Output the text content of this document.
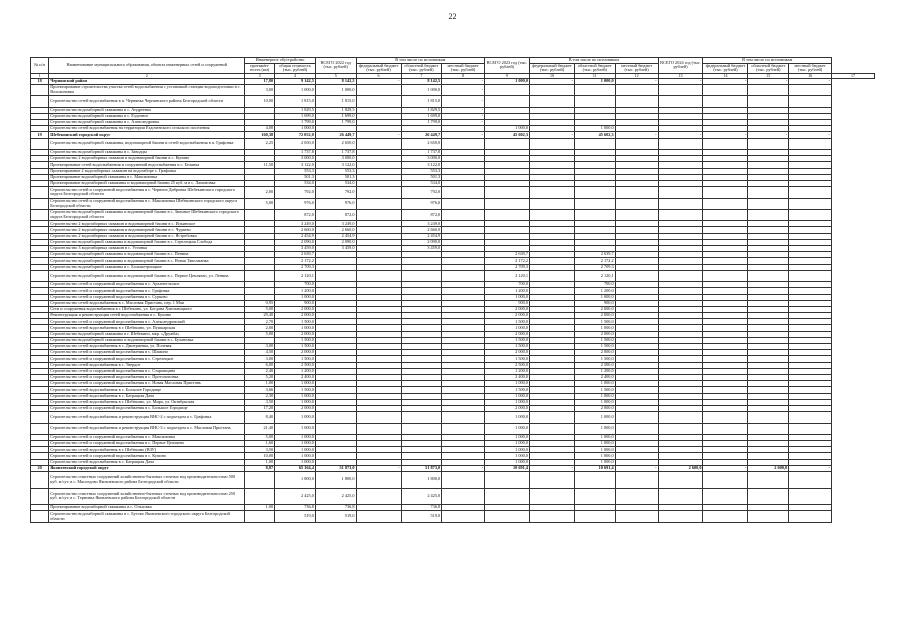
22
№ п/п	Наименование муниципального образования, объекта инженерных сетей и сооружений	Инженерное обустройство		ВСЕГО 2022 год (тыс. рублей)	В том числе по источникам			ВСЕГО 2023 год (тыс. рублей)	В том числе по источникам			ВСЕГО 2024 год (тыс. рублей)	В том числе по источникам			
		протяжён-ность (км)	общая стоимость (тыс. рублей)		федеральный бюджет (тыс. рублей)	областной бюджет (тыс. рублей)	местный бюджет (тыс. рублей)		федеральный бюджет (тыс. рублей)	областной бюджет (тыс. рублей)	местный бюджет (тыс. рублей)		федеральный бюджет (тыс. рублей)	областной бюджет (тыс. рублей)	местный бюджет (тыс. рублей)	

1	2	3	4	5	6	7	8	9	10	11	12	13	14	15	16	17
18	Чернянский район	17,80	9 142,5	8 142,5	-	8 142,5	-	1 000,0	-	1 000,0	-	-	-	-	-	
	Проектирование строительства участка сетей водоснабжения с установкой станции водоподготовки в с. Волоконовка	3,00	1 000,0	1 000,0		1 000,0	-									
	Строительство сетей водоснабжения в п. Чернянка Чернянского района Белгородской области	10,00	1 815,0	1 815,0		1 815,0	-									
	Строительство водозаборной скважины в с. Андреевка		1 829,5	1 829,5		1 829,5	-									
	Строительство водозаборной скважины в с. Ездочное		1 699,0	1 699,0		1 699,0	-									
	Строительство водозаборной скважины в с. Александровка		1 799,0	1 799,0		1 799,0	-									
	Строительство сетей водоснабжения на территории Ездоченского сельского поселения	4,00	1 000,0					1 000,0		1 000,0						
19	Шебекинский городской округ	160,38	72 052,0	26 449,7	-	26 449,7	-	45 602,3	-	45 602,3	-	-	-	-	-	
	Строительство водозаборной скважины, водонапорной башни и сетей водоснабжения в п. Графовка	2,25	2 650,0	2 650,0		2 650,0										
	Строительство водозаборной скважины в с. Заводцы		1 737,8	1 737,8		1 737,8										
	Строительство 2 водозаборных скважин и водонапорной башни в с. Купино		3 000,0	3 000,0		3 000,0										
	Проектирование сетей водоснабжения и сооружений водоснабжения в с. Белянка	11,50	3 122,0	3 122,0		3 122,0										
	Проектирование 2 водозаборных скважин на водозаборе с. Графовка		553,3	553,3		553,3										
	Проектирование водозаборной скважины в с. Максимовка		501,3	501,3		501,3										
	Проектирование водозаборной скважины и водонапорной башни 25 куб. м в с. Ламоновка		534,0	534,0		534,0										
	Строительство сетей и сооружений водоснабжения в с. Червона Дибровка Шебекинского городского округа Белгородской области	2,00	792,0	792,0		792,0										
	Строительство сетей и сооружений водоснабжения в с. Максимовка Шебекинского городского округа Белгородской области	5,00	976,0	976,0		976,0										
	Строительство водозаборной скважины и водонапорной башни в с. Змеиное Шебекинского городского округа Белгородской области		872,0	872,0		872,0										
	Строительство 2 водозаборных скважин и водонапорной башни в с. Ильинское		3 249,0	3 249,0		3 249,0										
	Строительство 2 водозаборных скважин и водонапорной башни в с. Чураево		2 660,0	2 660,0		2 660,0										
	Строительство 2 водозаборных скважин и водонапорной башни в с. Ястребовка		2 454,9	2 454,9		2 454,9										
	Строительство водозаборной скважины и водонапорной башни в с. Стрелецкая Слобода		2 090,0	2 090,0		2 090,0										
	Строительство 3 водозаборных скважин в с. Устинка		3 459,0	3 459,0		3 459,0										
	Строительство водозаборной скважины и водонапорной башни в с. Пенина		2 639,7					2 639,7		2 639,7						
	Строительство водозаборной скважины и водонапорной башни в с. Новая Таволжанка		2 172,2					2 172,2		2 172,2						
	Строительство водозаборной скважины в с. Большетроицкое		2 709,3					2 709,3		2 709,3						
	Строительство водозаборной скважины и водонапорной башни в с. Первое Цепляево, ул. Ленина		2 120,1					2 120,1		2 120,1						
	Строительство сетей и сооружений водоснабжения в с. Архангельское		700,0					700,0		700,0						
	Строительство сетей и сооружений водоснабжения в с. Графовка		1 200,0					1 200,0		1 200,0						
	Строительство сетей и сооружений водоснабжения в с. Сурково		1 000,0					1 000,0		1 000,0						
	Строительство сетей водоснабжения в с. Масловая Пристань, пер. 1 Мая	0,95	900,0					900,0		900,0						
	Сети и сооружения водоснабжения в г. Шебекино, ул. Богдана Хмельницкого	5,00	2 000,0					2 000,0		2 000,0						
	Реконструкция и реконструкция сетей водоснабжения в с. Купино	29,40	2 000,0					2 000,0		2 000,0						
	Строительство сетей и сооружений водоснабжения в с. Александровский	2,70	1 500,0					1 500,0		1 500,0						
	Строительство сетей водоснабжения в г. Шебекино, ул. Пушкарская	2,00	1 000,0					1 000,0		1 000,0						
	Строительство водозаборной скважины в г. Шебекино, мкр. «Дружба»	5,00	2 000,0					2 000,0		2 000,0						
	Строительство водозаборной скважины и водонапорной башни в с. Булановка		1 500,0					1 500,0		1 500,0						
	Строительство сетей водоснабжения в с. Дмитриевка, ул. Полевая	3,00	1 500,0					1 500,0		1 500,0						
	Строительство сетей и сооружений водоснабжения в с. Шамино	4,50	2 000,0					2 000,0		2 000,0						
	Строительство сетей и сооружений водоснабжения в с. Стрелецкое	3,00	1 500,0					1 500,0		1 500,0						
	Строительство сетей водоснабжения в с. Твердое	6,00	2 500,0					2 500,0		2 500,0						
	Строительство сетей и сооружений водоснабжения в с. Старовщина	2,40	1 200,0					1 200,0		1 200,0						
	Строительство сетей и сооружений водоснабжения в с. Протопоповка	5,20	2 400,0					2 400,0		2 400,0						
	Строительство сетей и сооружений водоснабжения в с. Новая Масловая Пристань	1,00	1 000,0					1 000,0		1 000,0						
	Строительство сетей водоснабжения в с. Большое Городище	3,66	1 500,0					1 500,0		1 500,0						
	Строительство сетей водоснабжения в с. Батрацкая Дача	2,30	1 000,0					1 000,0		1 000,0						
	Строительство сетей водоснабжения в г. Шебекино, ул. Мира, ул. Октябрьская	3,50	1 000,0					1 000,0		1 000,0						
	Строительство сетей и сооружений водоснабжения в с. Большое Городище	17,20	2 000,0					2 000,0		2 000,0						
	Строительство сетей водоснабжения и реконструкция ВНС-2 с подъездом к с. Графовка	8,40	1 000,0					1 000,0		1 000,0						
	Строительство сетей водоснабжения и реконструкция ВНС-3 с подъездом к с. Масловая Пристань	21,40	1 000,0					1 000,0		1 000,0						
	Строительство сетей и сооружений водоснабжения в с. Максимовка	5,00	1 000,0					1 000,0		1 000,0						
	Строительство сетей и сооружений водоснабжения в с. Первое Цепляево	1,60	1 000,0					1 000,0		1 000,0						
	Строительство сетей водоснабжения в г. Шебекино (ВЗУ)	3,50	1 000,0					1 000,0		1 000,0						
	Строительство сетей и сооружений водоснабжения в с. Купино	10,00	1 000,0					1 000,0		1 000,0						
	Строительство сетей водоснабжения в с. Батрацкая Дача	1,00	1 000,0					1 000,0		1 000,0						
20	Яковлевский городской округ	8,87	65 164,4	51 873,0	-	51 873,0	-	10 691,4	-	10 691,4	-	2 600,0	-	2 600,0	-	
	Строительство очистных сооружений хозяйственно-бытовых сточных вод производительностью 500 куб. м/сут. в с. Мясоедово Яковлевского района Белгородской области		1 800,0	1 800,0		1 800,0										
	Строительство очистных сооружений хозяйственно-бытовых сточных вод производительностью 250 куб. м/сут. в с. Терновка Яковлевского района Белгородской области		2 425,0	2 425,0		2 425,0										
	Проектирование водозаборной скважины в с. Ольховка	1,00	736,8	736,8		736,8										
	Строительство водозаборной скважины в с. Бутово Яковлевского городского округа Белгородской области		519,0	519,0		519,0										
